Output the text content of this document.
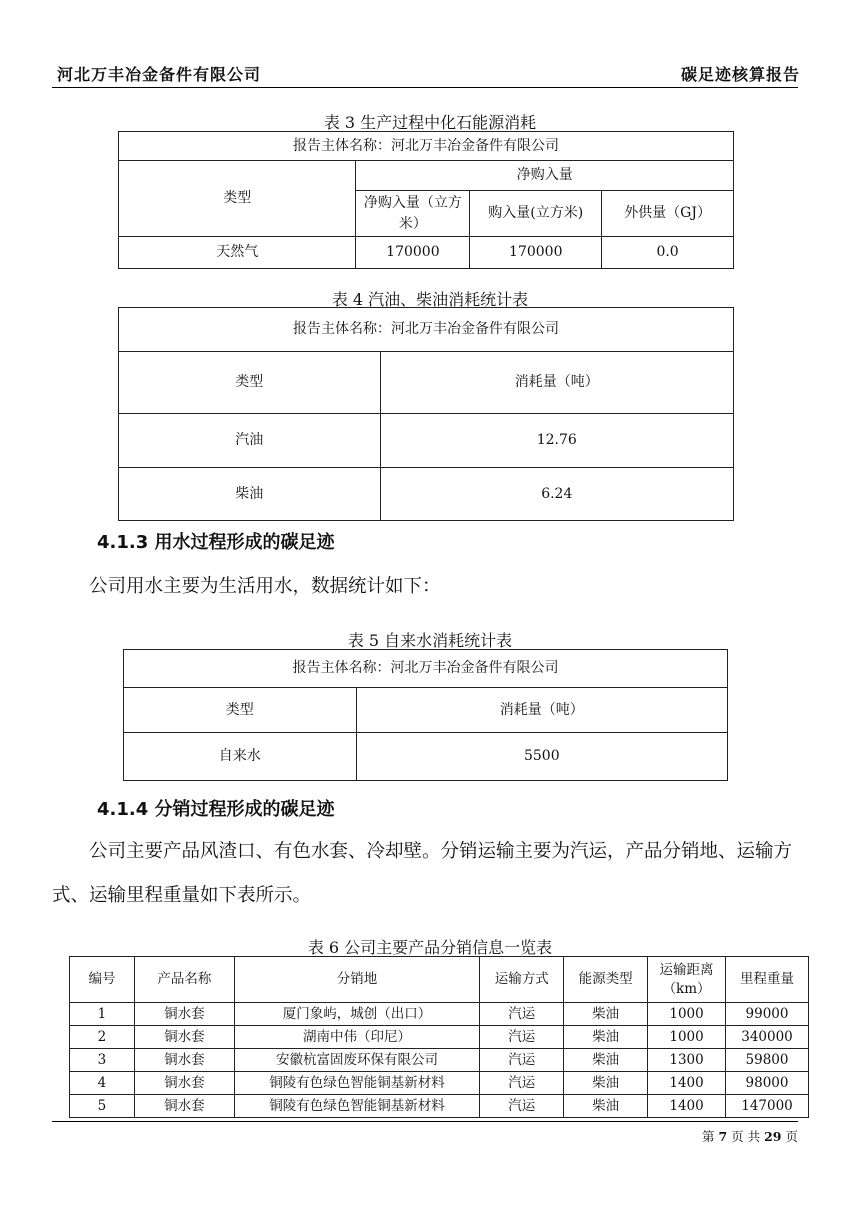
河北万丰冶金备件有限公司	碳足迹核算报告
表 3 生产过程中化石能源消耗
报告主体名称：河北万丰冶金备件有限公司			
类型	净购入量		
	净购入量（立方米）	购入量(立方米)	外供量（GJ）
天然气	170000	170000	0.0
表 4 汽油、柴油消耗统计表
报告主体名称：河北万丰冶金备件有限公司	
类型	消耗量（吨）
汽油	12.76
柴油	6.24
4.1.3 用水过程形成的碳足迹
公司用水主要为生活用水，数据统计如下：
表 5 自来水消耗统计表
报告主体名称：河北万丰冶金备件有限公司	
类型	消耗量（吨）
自来水	5500
4.1.4 分销过程形成的碳足迹
公司主要产品风渣口、有色水套、冷却壁。分销运输主要为汽运，产品分销地、运输方式、运输里程重量如下表所示。
表 6 公司主要产品分销信息一览表
编号	产品名称	分销地	运输方式	能源类型	运输距离（km）	里程重量
1	铜水套	厦门象屿，城创（出口）	汽运	柴油	1000	99000
2	铜水套	湖南中伟（印尼）	汽运	柴油	1000	340000
3	铜水套	安徽杭富固废环保有限公司	汽运	柴油	1300	59800
4	铜水套	铜陵有色绿色智能铜基新材料	汽运	柴油	1400	98000
5	铜水套	铜陵有色绿色智能铜基新材料	汽运	柴油	1400	147000
第 7 页 共 29 页
